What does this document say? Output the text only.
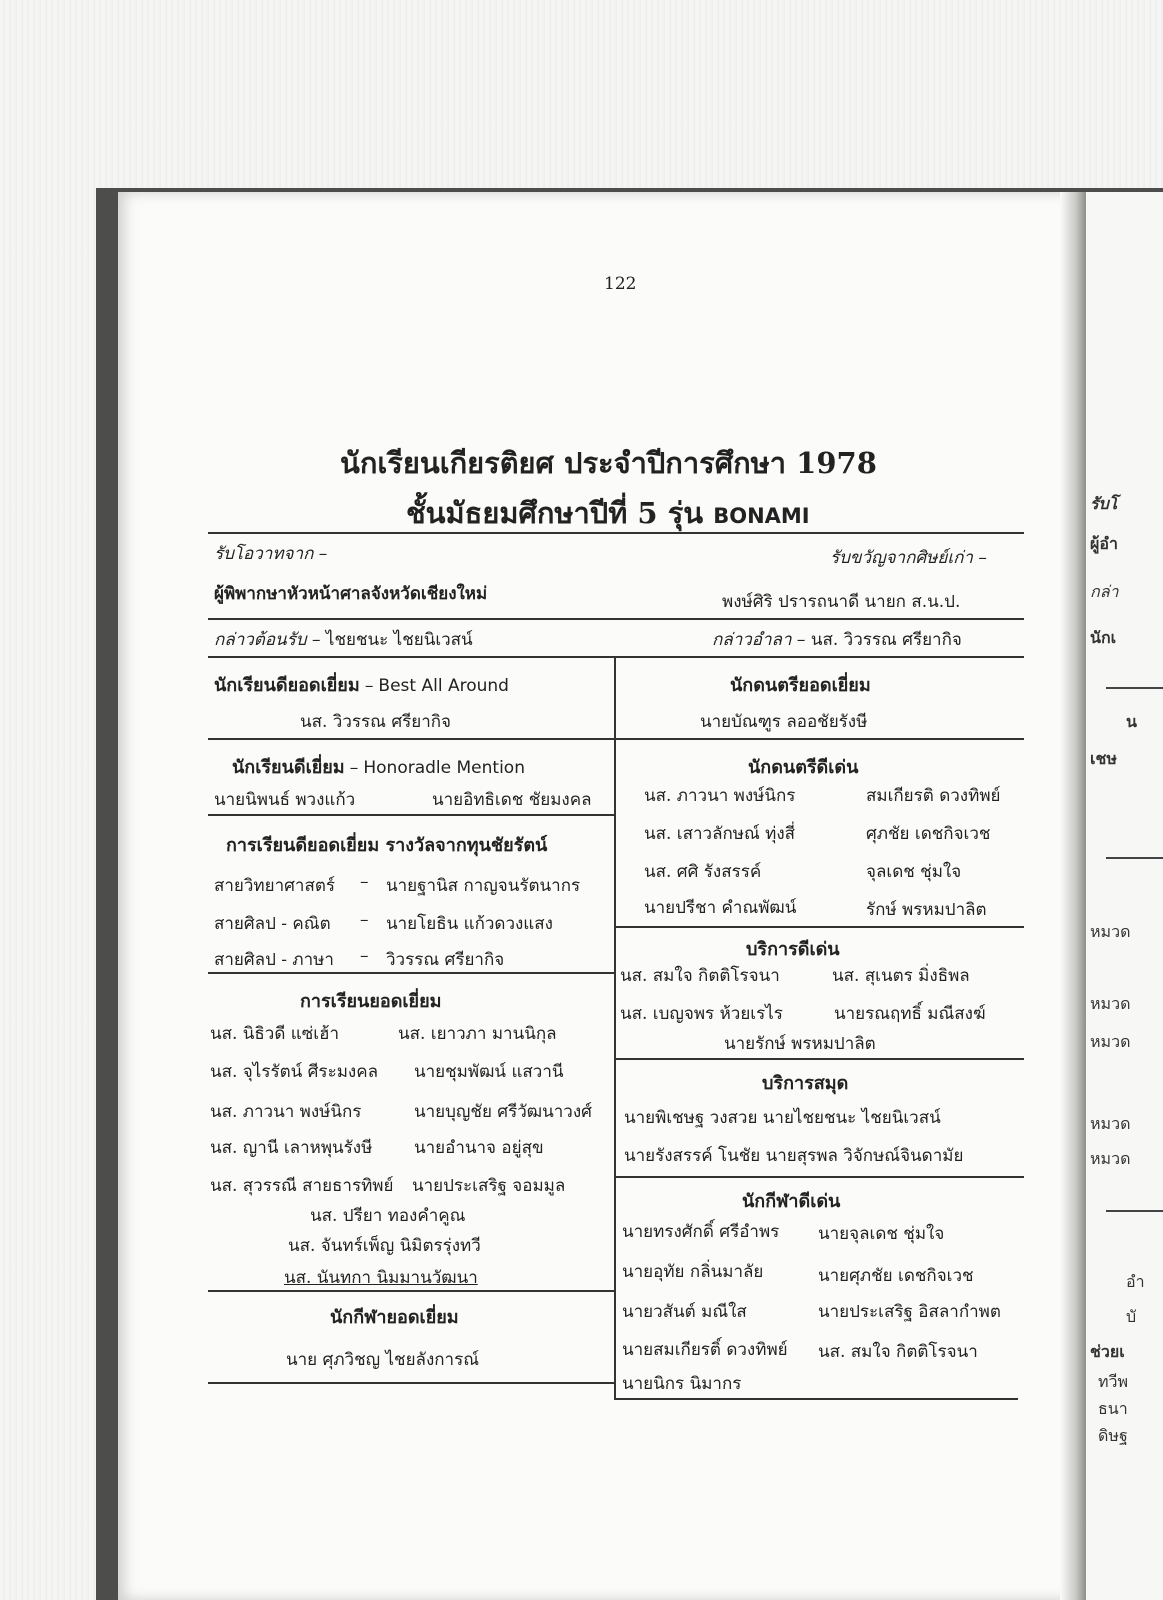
รับโ
ผู้อำ
กล่า
นักเ
น
เชษ
หมวด
หมวด
หมวด
หมวด
หมวด
อำ
บั
ช่วยเ
ทวีพ
ธนา
ดิษฐ
122
นักเรียนเกียรติยศ ประจำปีการศึกษา 1978
ชั้นมัธยมศึกษาปีที่ 5 รุ่น BONAMI
รับโอวาทจาก –	รับขวัญจากศิษย์เก่า –
ผู้พิพากษาหัวหน้าศาลจังหวัดเชียงใหม่	พงษ์ศิริ ปรารถนาดี นายก ส.น.ป.
กล่าวต้อนรับ – ไชยชนะ ไชยนิเวสน์	กล่าวอำลา – นส. วิวรรณ ศรียากิจ
นักเรียนดียอดเยี่ยม – Best All Around
นส. วิวรรณ ศรียากิจ
นักเรียนดีเยี่ยม – Honoradle Mention
นายนิพนธ์ พวงแก้ว	นายอิทธิเดช ชัยมงคล
การเรียนดียอดเยี่ยม รางวัลจากทุนชัยรัตน์
สายวิทยาศาสตร์ – นายฐานิส กาญจนรัตนากร
สายศิลป - คณิต – นายโยธิน แก้วดวงแสง
สายศิลป - ภาษา – วิวรรณ ศรียากิจ
การเรียนยอดเยี่ยม
นส. นิธิวดี แซ่เฮ้า	นส. เยาวภา มานนิกุล
นส. จุไรรัตน์ ศีระมงคล นายชุมพัฒน์ แสวานี
นส. ภาวนา พงษ์นิกร	นายบุญชัย ศรีวัฒนาวงศ์
นส. ญานี เลาหพุนรังษี นายอำนาจ อยู่สุข
นส. สุวรรณี สายธารทิพย์ นายประเสริฐ จอมมูล
นส. ปรียา ทองคำคูณ
นส. จันทร์เพ็ญ นิมิตรรุ่งทวี
นส. นันทกา นิมมานวัฒนา
นักกีฬายอดเยี่ยม
นาย ศุภวิชญ ไชยลังการณ์
นักดนตรียอดเยี่ยม
นายบัณฑูร ลออชัยรังษี
นักดนตรีดีเด่น
นส. ภาวนา พงษ์นิกร	สมเกียรติ ดวงทิพย์
นส. เสาวลักษณ์ ทุ่งสี่	ศุภชัย เดชกิจเวช
นส. ศศิ รังสรรค์	จุลเดช ชุ่มใจ
นายปรีชา คำณพัฒน์	รักษ์ พรหมปาลิต
บริการดีเด่น
นส. สมใจ กิตติโรจนา	นส. สุเนตร มิ่งธิพล
นส. เบญจพร ห้วยเรไร	นายรณฤทธิ์ มณีสงฆ์
นายรักษ์ พรหมปาลิต
บริการสมุด
นายพิเชษฐ วงสวย นายไชยชนะ ไชยนิเวสน์
นายรังสรรค์ โนชัย นายสุรพล วิจักษณ์จินดามัย
นักกีฬาดีเด่น
นายทรงศักดิ์ ศรีอำพร นายจุลเดช ชุ่มใจ
นายอุทัย กลิ่นมาลัย	นายศุภชัย เดชกิจเวช
นายวสันต์ มณีใส	นายประเสริฐ อิสลากำพต
นายสมเกียรติ์ ดวงทิพย์ นส. สมใจ กิตติโรจนา
นายนิกร นิมากร
